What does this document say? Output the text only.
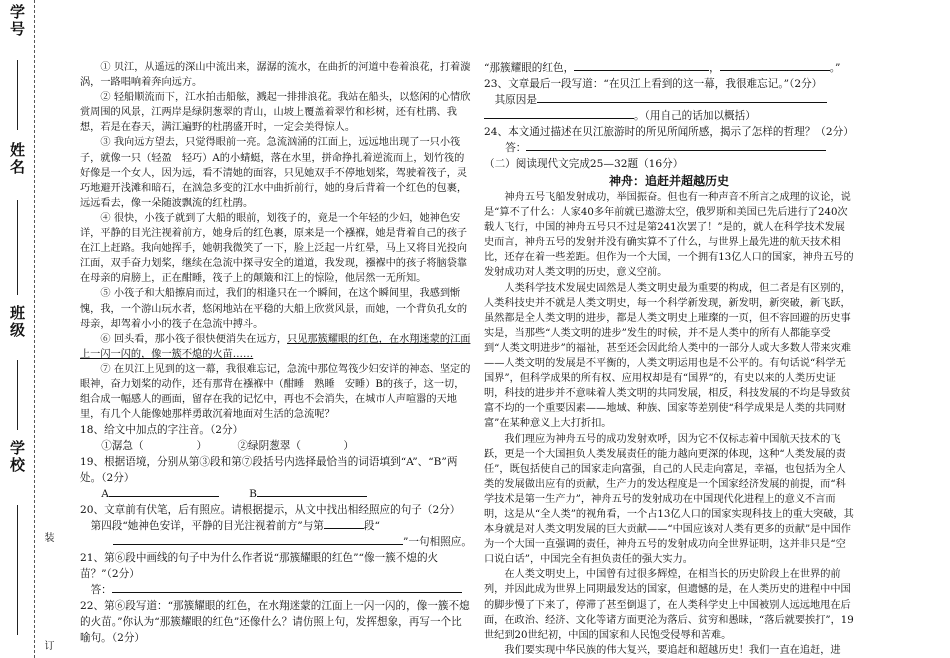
学号
姓名
班级
学校
装
订

① 贝江，从遥远的深山中流出来，潺潺的流水，在曲折的河道中卷着浪花，打着漩涡，一路唱响着奔向远方。

② 轻船顺流而下，江水拍击船舷，溅起一排排浪花。我站在船头，以悠闲的心情欣赏周围的风景，江两岸是绿阴葱翠的青山，山坡上覆盖着翠竹和杉树，还有杜鹃、我想，若是在春天，满江遍野的杜鹃盛开时，一定会美得惊人。

③ 我向远方望去，只觉得眼前一亮。急流汹涌的江面上，远远地出现了一只小筏子，就像一只（轻盈　轻巧）A的小蜻蜓，落在水里，拼命挣扎着逆流而上，划竹筏的好像是一个女人，因为远，看不清她的面容，只见她双手不停地划桨，驾驶着筏子，灵巧地避开浅滩和暗石，在汹急多变的江水中曲折前行，她的身后背着一个红色的包裹，远远看去，像一朵随波飘流的红杜鹃。

④ 很快，小筏子就到了大船的眼前，划筏子的，竟是一个年轻的少妇，她神色安详，平静的目光注视着前方，她身后的红色裹，原来是一个襁褓，她是背着自己的孩子在江上赶路。我向她挥手，她朝我微笑了一下，脸上泛起一片红晕，马上又将目光投向江面，双手奋力划桨，继续在急流中探寻安全的道道，我发现，襁褓中的孩子将脑袋靠在母亲的肩膀上，正在酣睡，筏子上的颠簸和江上的惊险，他居然一无所知。

⑤ 小筏子和大船擦肩而过，我们的相逢只在一个瞬间，在这个瞬间里，我感到惭愧，我，一个游山玩水者，悠闲地站在平稳的大船上欣赏风景，而她，一个背负孔女的母亲，却驾着小小的筏子在急流中搏斗。

⑥ 回头看，那小筏子很快便消失在远方，只见那簇耀眼的红色，在水翔迷蒙的江面上一闪一闪的，像一簇不熄的火苗……

⑦ 在贝江上见到的这一幕，我很难忘记，急流中那位驾筏少妇安详的神态、坚定的眼神，奋力划桨的动作，还有那背在襁褓中（酣睡　熟睡　安睡）B的孩子，这一切，组合成一幅感人的画面，留存在我的记忆中，再也不会消失，在城市人声喧嚣的天地里，有几个人能像她那样勇敢沉着地面对生活的急流呢？

18、给文中加点的字注音。（2分）

①潺急（　　　　　）	②绿阴葱翠（　　　　）

19、根据语境，分别从第③段和第⑦段括号内选择最恰当的词语填到“A”、“B”两处。（2分）

A	B

20、文章前有伏笔，后有照应。请根据提示，从文中找出相经照应的句子（2分）

第四段“她神色安详，平静的目光注视着前方”与第	段“

”一句相照应。

21、第⑥段中画线的句子中为什么作者说“那簇耀眼的红色”“像一簇不熄的火苗？”（2分）

答：

22、第⑥段写道：“那簇耀眼的红色，在水翔迷蒙的江面上一闪一闪的，像一簇不熄的火苗。”你认为“那簇耀眼的红色”还像什么？请仿照上句，发挥想象，再写一个比喻句。（2分）

“那簇耀眼的红色，	，	。”

23、文章最后一段写道：“在贝江上看到的这一幕，我很难忘记。”（2分）

其原因是

。（用自己的话加以概括）

24、本文通过描述在贝江旅游时的所见所闻所感，揭示了怎样的哲理？（2分）

答：

（二）阅读现代文完成25—32题（16分）

神舟：追赶并超越历史

神舟五号飞船发射成功，举国振奋。但也有一种声音不所言之成理的议论，说是“算不了什么：人家40多年前就已遨游太空，俄罗斯和美国已先后进行了240次载人飞行，中国的神舟五号只不过是第241次罢了！”是的，就人在科学技术发展史而言，神舟五号的发射并没有确实算不了什么，与世界上最先进的航天技术相比，还存在着一些差距。但作为一个大国，一个拥有13亿人口的国家，神舟五号的发射成功对人类文明的历史，意义空前。

人类科学技术发展史固然是人类文明史最为重要的构成，但二者是有区别的，人类科技史并不就是人类文明史，每一个科学新发现，新发明，新突破，新飞跃，虽然都是全人类文明的进步，都是人类文明史上璀璨的一页，但不容回避的历史事实是，当那些“人类文明的进步”发生的时候，并不是人类中的所有人都能享受到“人类文明进步”的福祉，甚至还会因此给人类中的一部分人或大多数人带来灾难——人类文明的发展是不平衡的，人类文明运用也是不公平的。有句话说“科学无国界”，但科学成果的所有权、应用权却是有“国界”的，有史以来的人类历史证明，科技的进步并不意味着人类文明的共同发展，相反，科技发展的不均是导致贫富不均的一个重要因素——地域、种族、国家等差别使“科学成果是人类的共同财富”在某种意义上大打折扣。

我们理应为神舟五号的成功发射欢呼，因为它不仅标志着中国航天技术的飞跃，更是一个大国担负人类发展责任的能力越向更深的体现，这种“人类发展的责任”，既包括使自己的国家走向富强，自己的人民走向富足，幸福，也包括为全人类的发展做出应有的贡献，生产力的发达程度是一个国家经济发展的前提，而“科学技术是第一生产力”，神舟五号的发射成功在中国现代化进程上的意义不言而明，这是从“全人类”的视角看，一个占13亿人口的国家实现科技上的重大突破，其本身就是对人类文明发展的巨大贡献——“中国应该对人类有更多的贡献”是中国作为一个大国一直强调的责任，神舟五号的发射成功向全世界证明，这并非只是“空口说白话”，中国完全有担负责任的强大实力。

在人类文明史上，中国曾有过很多辉煌，在相当长的历史阶段上在世界的前列，并因此成为世界上同期最发达的国家，但遗憾的是，在人类历史的进程中中国的脚步慢了下来了，停滞了甚至倒退了，在人类科学史上中国被别人远远地甩在后面，在政治、经济、文化等诸方面更沦为落后、贫穷和愚昧，“落后就要挨打”，19世纪到20世纪初，中国的国家和人民饱受侵辱和苦难。

我们要实现中华民族的伟大复兴，要追赶和超越历史！我们一直在追赶，进
